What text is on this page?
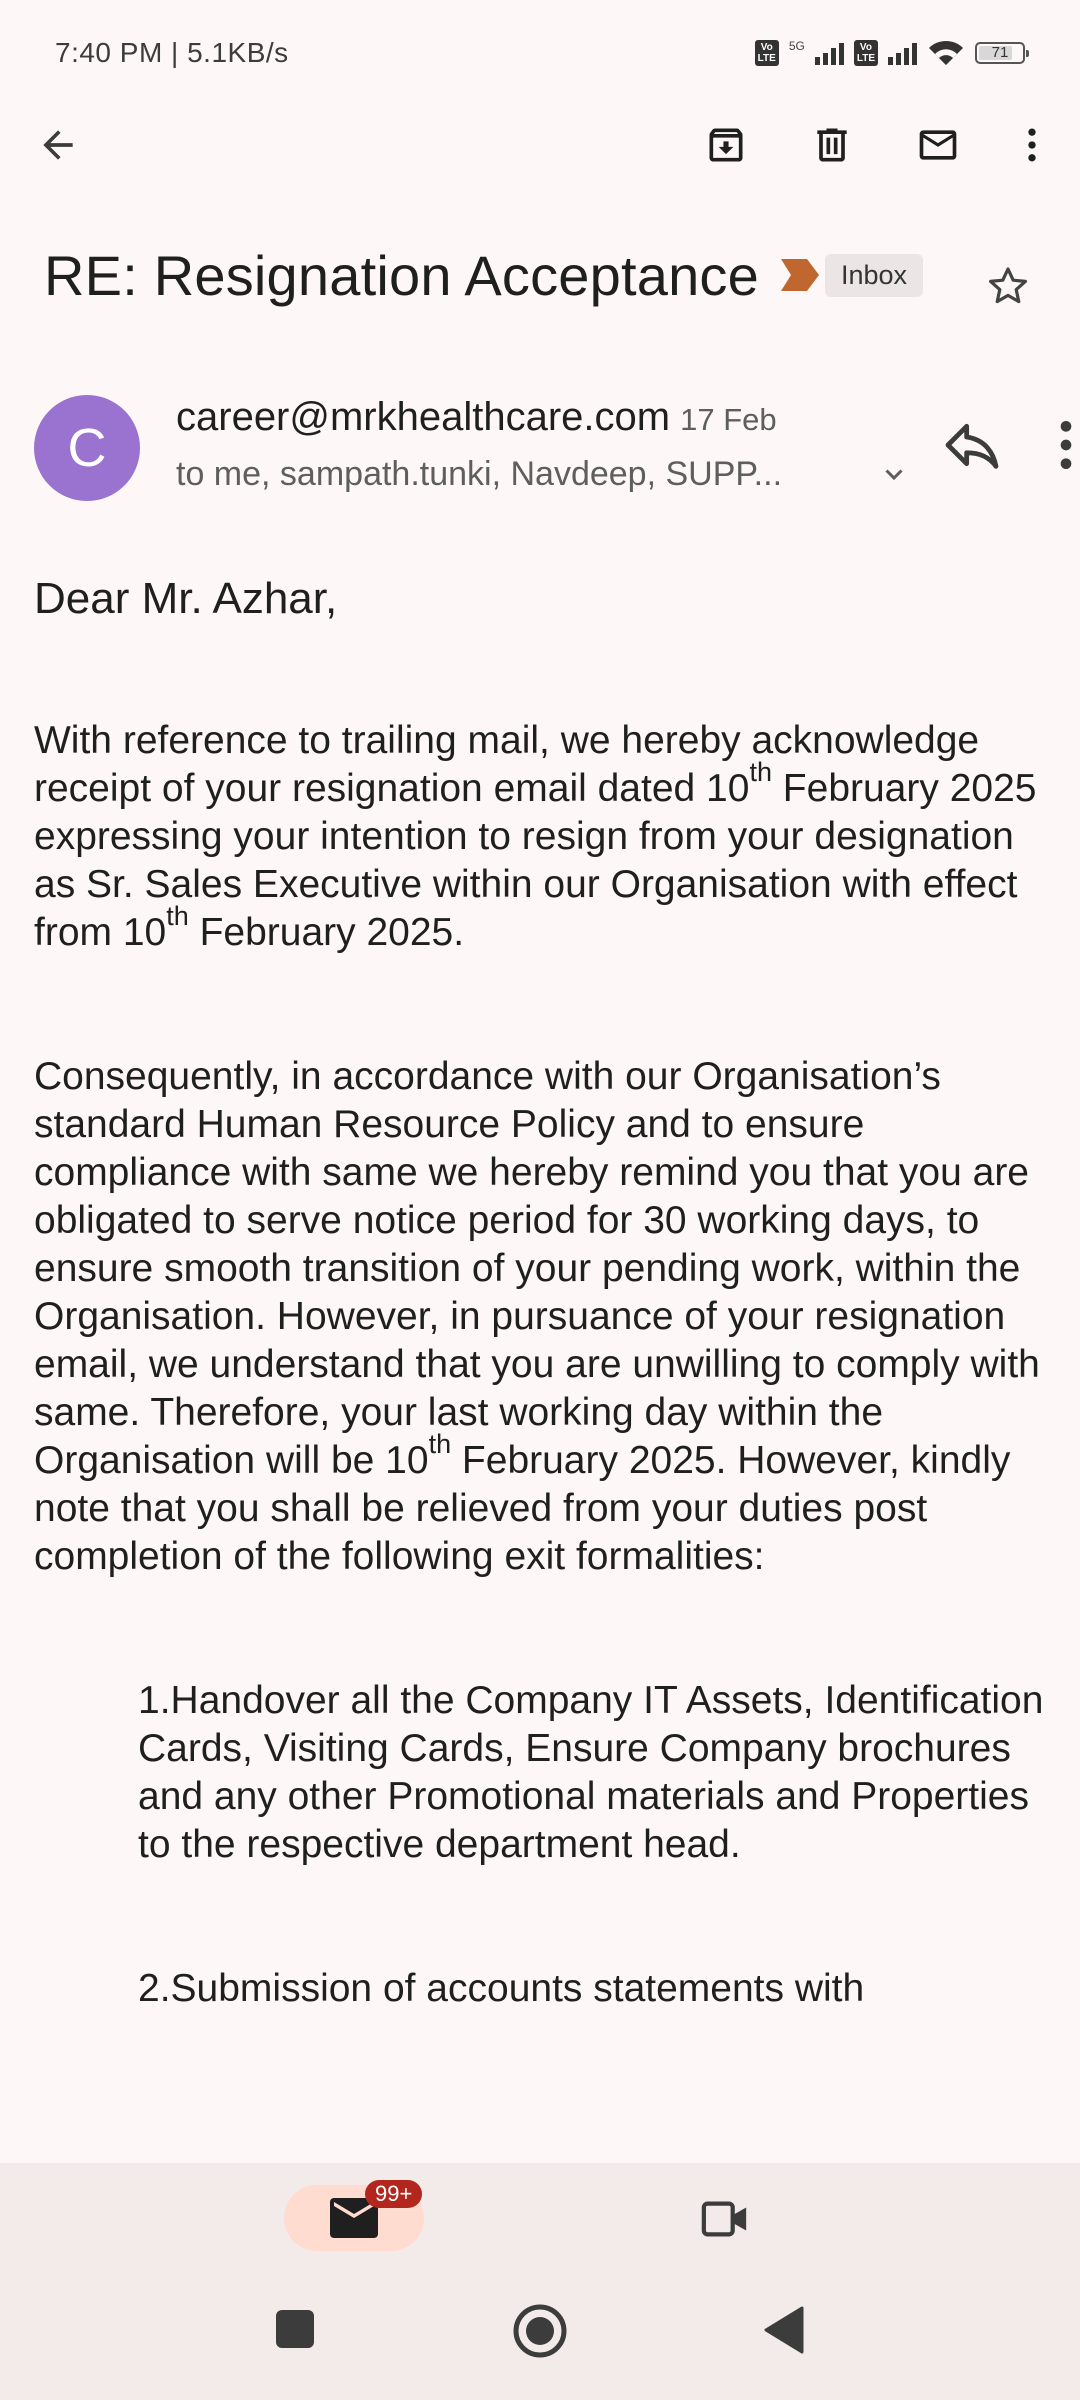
7:40 PM | 5.1KB/s	Vo
LTE
5G	Vo
LTE	71
RE: Resignation Acceptance	Inbox
C
career@mrkhealthcare.com 17 Feb
to me, sampath.tunki, Navdeep, SUPP...

Dear Mr. Azhar,

With reference to trailing mail, we hereby acknowledge receipt of your resignation email dated 10th February 2025 expressing your intention to resign from your designation as Sr. Sales Executive within our Organisation with effect from 10th February 2025.

Consequently, in accordance with our Organisation’s standard Human Resource Policy and to ensure compliance with same we hereby remind you that you are obligated to serve notice period for 30 working days, to ensure smooth transition of your pending work, within the Organisation. However, in pursuance of your resignation email, we understand that you are unwilling to comply with same. Therefore, your last working day within the Organisation will be 10th February 2025. However, kindly note that you shall be relieved from your duties post completion of the following exit formalities:

1.Handover all the Company IT Assets, Identification Cards, Visiting Cards, Ensure Company brochures and any other Promotional materials and Properties to the respective department head.

2.Submission of accounts statements with

99+
